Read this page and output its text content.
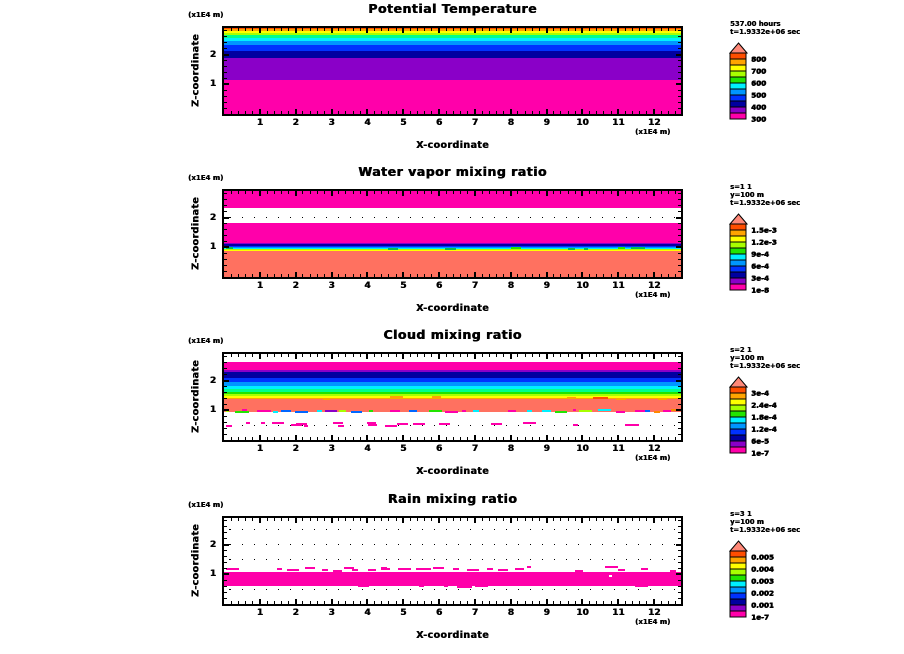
Potential Temperature
(x1E4 m)
Z-coordinate
1	2	3	4	5	6	7	8	9	10	11	12
1
2
(x1E4 m)
X-coordinate
537.00 hours
t=1.9332e+06 sec
800
700
600
500
400
300
Water vapor mixing ratio
(x1E4 m)
Z-coordinate
1	2	3	4	5	6	7	8	9	10	11	12
1
2
(x1E4 m)
X-coordinate
s=1 1
y=100 m
t=1.9332e+06 sec
1.5e-3
1.2e-3
9e-4
6e-4
3e-4
1e-8
Cloud mixing ratio
(x1E4 m)
Z-coordinate
1	2	3	4	5	6	7	8	9	10	11	12
1
2
(x1E4 m)
X-coordinate
s=2 1
y=100 m
t=1.9332e+06 sec
3e-4
2.4e-4
1.8e-4
1.2e-4
6e-5
1e-7
Rain mixing ratio
(x1E4 m)
Z-coordinate
1	2	3	4	5	6	7	8	9	10	11	12
1
2
(x1E4 m)
X-coordinate
s=3 1
y=100 m
t=1.9332e+06 sec
0.005
0.004
0.003
0.002
0.001
1e-7
